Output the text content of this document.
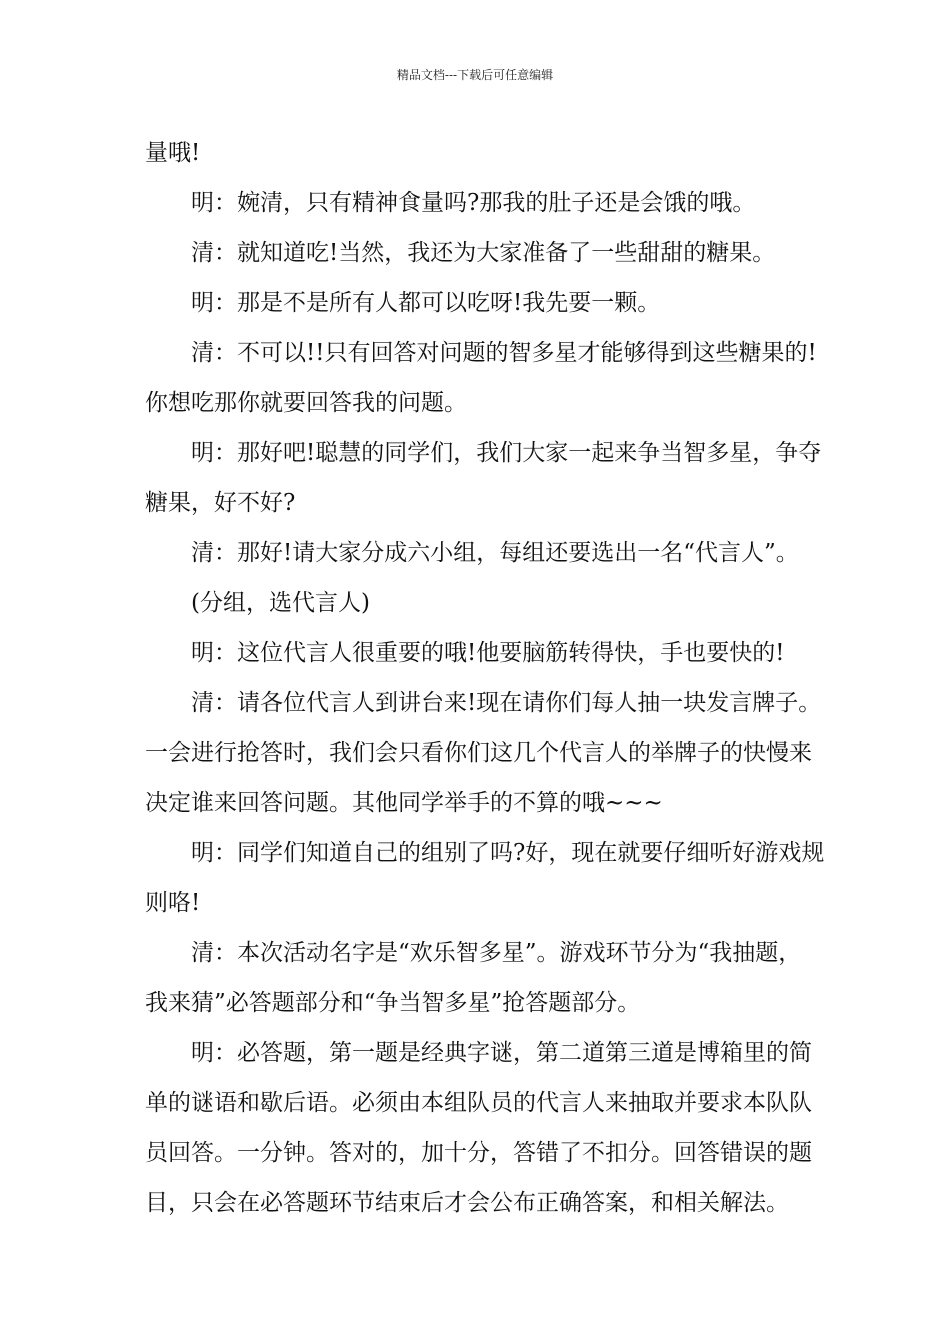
精品文档---下载后可任意编辑
量哦!
明：婉清，只有精神食量吗?那我的肚子还是会饿的哦。
清：就知道吃!当然，我还为大家准备了一些甜甜的糖果。
明：那是不是所有人都可以吃呀!我先要一颗。
清：不可以!!只有回答对问题的智多星才能够得到这些糖果的!
你想吃那你就要回答我的问题。
明：那好吧!聪慧的同学们，我们大家一起来争当智多星，争夺
糖果，好不好?
清：那好!请大家分成六小组，每组还要选出一名“代言人”。
(分组，选代言人)
明：这位代言人很重要的哦!他要脑筋转得快，手也要快的!
清：请各位代言人到讲台来!现在请你们每人抽一块发言牌子。
一会进行抢答时，我们会只看你们这几个代言人的举牌子的快慢来
决定谁来回答问题。其他同学举手的不算的哦~~~
明：同学们知道自己的组别了吗?好，现在就要仔细听好游戏规
则咯!
清：本次活动名字是“欢乐智多星”。游戏环节分为“我抽题，
我来猜”必答题部分和“争当智多星”抢答题部分。
明：必答题，第一题是经典字谜，第二道第三道是博箱里的简
单的谜语和歇后语。必须由本组队员的代言人来抽取并要求本队队
员回答。一分钟。答对的，加十分，答错了不扣分。回答错误的题
目，只会在必答题环节结束后才会公布正确答案，和相关解法。
